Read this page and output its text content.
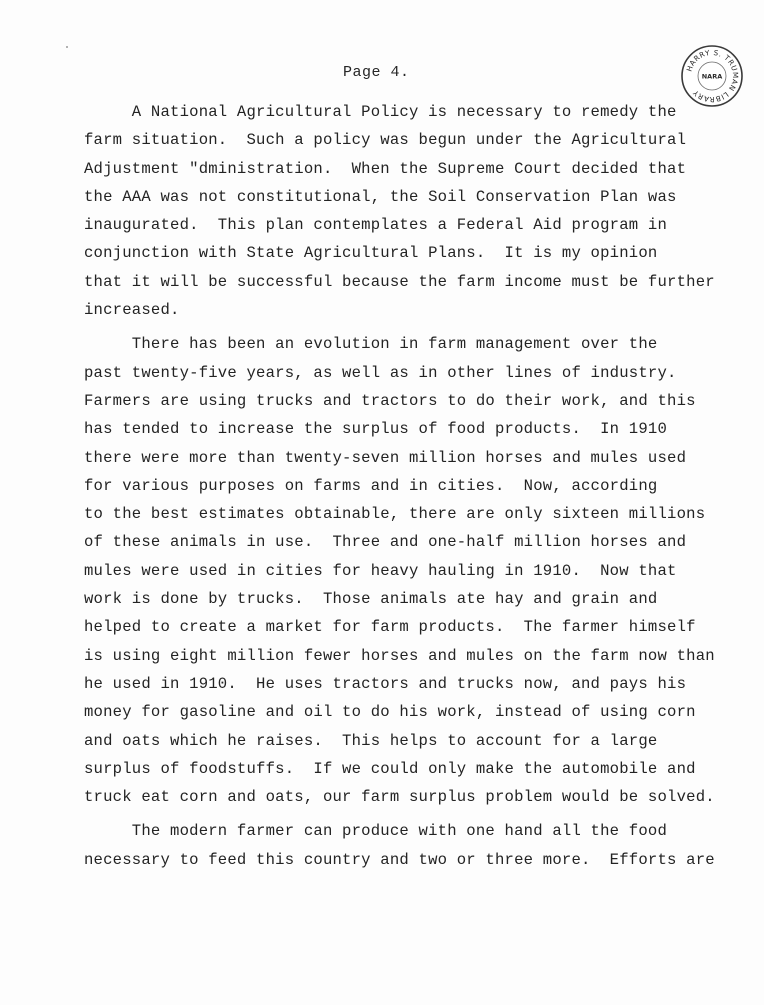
HARRY S. TRUMAN LIBRARY
NARA
Page 4.
A National Agricultural Policy is necessary to remedy the
farm situation.  Such a policy was begun under the Agricultural
Adjustment "dministration.  When the Supreme Court decided that
the AAA was not constitutional, the Soil Conservation Plan was
inaugurated.  This plan contemplates a Federal Aid program in
conjunction with State Agricultural Plans.  It is my opinion
that it will be successful because the farm income must be further
increased.
There has been an evolution in farm management over the
past twenty-five years, as well as in other lines of industry.
Farmers are using trucks and tractors to do their work, and this
has tended to increase the surplus of food products.  In 1910
there were more than twenty-seven million horses and mules used
for various purposes on farms and in cities.  Now, according
to the best estimates obtainable, there are only sixteen millions
of these animals in use.  Three and one-half million horses and
mules were used in cities for heavy hauling in 1910.  Now that
work is done by trucks.  Those animals ate hay and grain and
helped to create a market for farm products.  The farmer himself
is using eight million fewer horses and mules on the farm now than
he used in 1910.  He uses tractors and trucks now, and pays his
money for gasoline and oil to do his work, instead of using corn
and oats which he raises.  This helps to account for a large
surplus of foodstuffs.  If we could only make the automobile and
truck eat corn and oats, our farm surplus problem would be solved.
The modern farmer can produce with one hand all the food
necessary to feed this country and two or three more.  Efforts are
